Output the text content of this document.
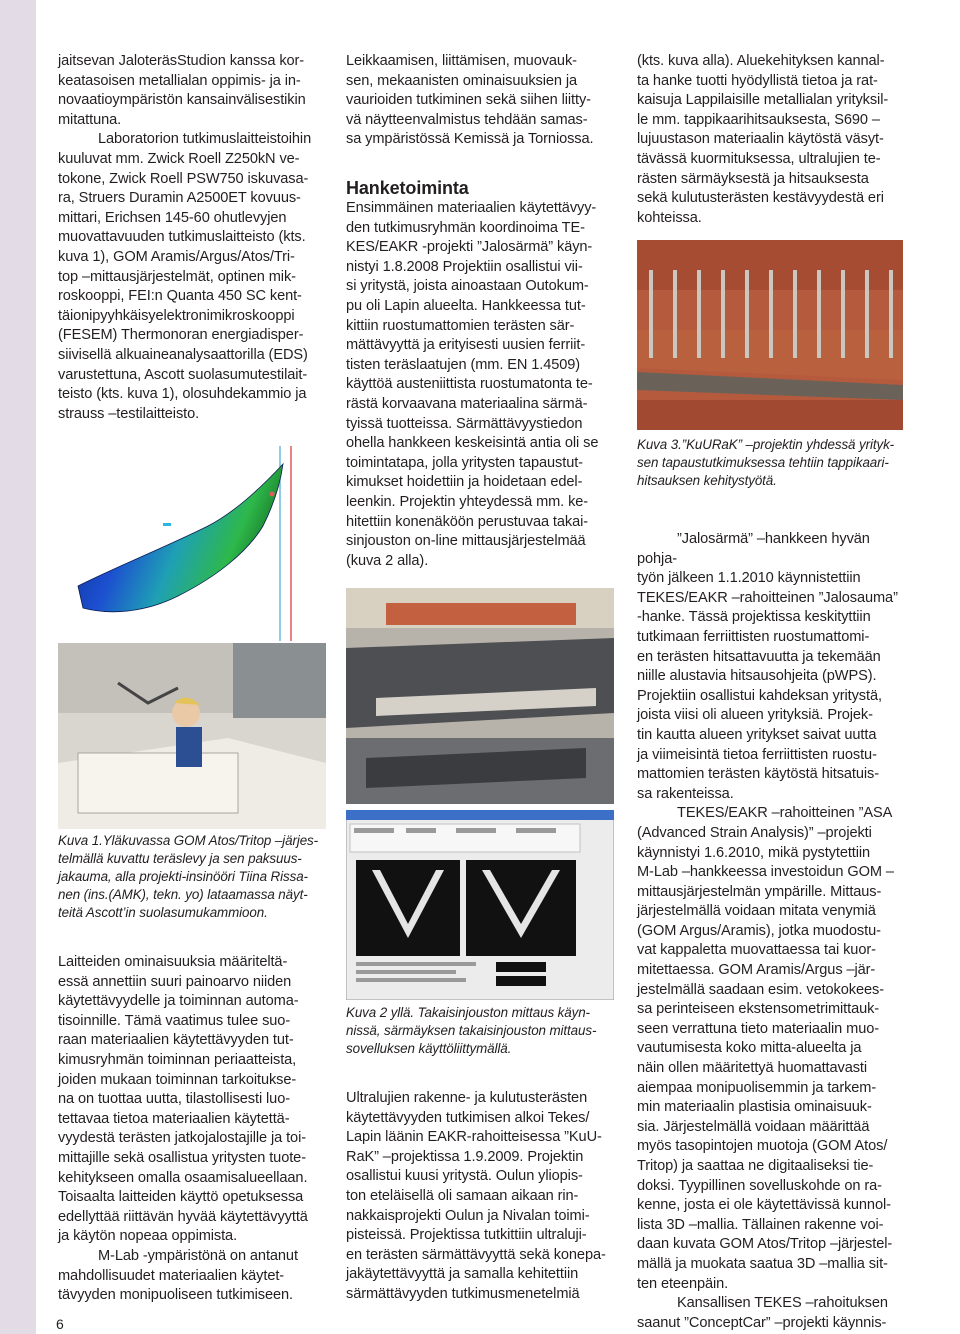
jaitsevan JaloteräsStudion kanssa kor-

keatasoisen metallialan oppimis- ja in-

novaatioympäristön kansainvälisestikin

mitattuna.

Laboratorion tutkimuslaitteistoihin

kuuluvat mm. Zwick Roell Z250kN ve-

tokone, Zwick Roell PSW750 iskuvasa-

ra, Struers Duramin A2500ET kovuus-

mittari, Erichsen 145-60 ohutlevyjen

muovattavuuden tutkimuslaitteisto (kts.

kuva 1), GOM Aramis/Argus/Atos/Tri-

top –mittausjärjestelmät, optinen mik-

roskooppi, FEI:n Quanta 450 SC kent-

täionipyyhkäisyelektronimikroskooppi

(FESEM) Thermonoran energiadisper-

siivisellä alkuaineanalysaattorilla (EDS)

varustettuna, Ascott suolasumutestilait-

teisto (kts. kuva 1), olosuhdekammio ja

strauss –testilaitteisto.

Kuva 1.Yläkuvassa GOM Atos/Tritop –järjes-

telmällä kuvattu teräslevy ja sen paksuus-

jakauma, alla projekti-insinööri Tiina Rissa-

nen (ins.(AMK), tekn. yo) lataamassa näyt-

teitä Ascott’in suolasumukammioon.

Laitteiden ominaisuuksia määriteltä-

essä annettiin suuri painoarvo niiden

käytettävyydelle ja toiminnan automa-

tisoinnille. Tämä vaatimus tulee suo-

raan materiaalien käytettävyyden tut-

kimusryhmän toiminnan periaatteista,

joiden mukaan toiminnan tarkoitukse-

na on tuottaa uutta, tilastollisesti luo-

tettavaa tietoa materiaalien käytettä-

vyydestä terästen jatkojalostajille ja toi-

mittajille sekä osallistua yritysten tuote-

kehitykseen omalla osaamisalueellaan.

Toisaalta laitteiden käyttö opetuksessa

edellyttää riittävän hyvää käytettävyyttä

ja käytön nopeaa oppimista.

M-Lab -ympäristönä on antanut

mahdollisuudet materiaalien käytet-

tävyyden monipuoliseen tutkimiseen.

Leikkaamisen, liittämisen, muovauk-

sen, mekaanisten ominaisuuksien ja

vaurioiden tutkiminen sekä siihen liitty-

vä näytteenvalmistus tehdään samas-

sa ympäristössä Kemissä ja Torniossa.

Hanketoiminta

Ensimmäinen materiaalien käytettävyy-

den tutkimusryhmän koordinoima TE-

KES/EAKR -projekti ”Jalosärmä” käyn-

nistyi 1.8.2008 Projektiin osallistui vii-

si yritystä, joista ainoastaan Outokum-

pu oli Lapin alueelta. Hankkeessa tut-

kittiin ruostumattomien terästen sär-

mättävyyttä ja erityisesti uusien ferriit-

tisten teräslaatujen (mm. EN 1.4509)

käyttöä austeniittista ruostumatonta te-

rästä korvaavana materiaalina särmä-

tyissä tuotteissa. Särmättävyystiedon

ohella hankkeen keskeisintä antia oli se

toimintatapa, jolla yritysten tapaustut-

kimukset hoidettiin ja hoidetaan edel-

leenkin. Projektin yhteydessä mm. ke-

hitettiin konenäköön perustuvaa takai-

sinjouston on-line mittausjärjestelmää

(kuva 2 alla).

Kuva 2 yllä. Takaisinjouston mittaus käyn-

nissä, särmäyksen takaisinjouston mittaus-

sovelluksen käyttöliittymällä.

Ultralujien rakenne- ja kulutusterästen

käytettävyyden tutkimisen alkoi Tekes/

Lapin läänin EAKR-rahoitteisessa ”KuU-

RaK” –projektissa 1.9.2009. Projektin

osallistui kuusi yritystä. Oulun yliopis-

ton eteläisellä oli samaan aikaan rin-

nakkaisprojekti Oulun ja Nivalan toimi-

pisteissä. Projektissa tutkittiin ultraluji-

en terästen särmättävyyttä sekä konepa-

jakäytettävyyttä ja samalla kehitettiin

särmättävyyden tutkimusmenetelmiä

(kts. kuva alla). Aluekehityksen kannal-

ta hanke tuotti hyödyllistä tietoa ja rat-

kaisuja Lappilaisille metallialan yrityksil-

le mm. tappikaarihitsauksesta, S690 –

lujuustason materiaalin käytöstä väsyt-

tävässä kuormituksessa, ultralujien te-

rästen särmäyksestä ja hitsauksesta

sekä kulutusterästen kestävyydestä eri

kohteissa.

Kuva 3.”KuURaK” –projektin yhdessä yrityk-

sen tapaustutkimuksessa tehtiin tappikaari-

hitsauksen kehitystyötä.

”Jalosärmä” –hankkeen hyvän pohja-

työn jälkeen 1.1.2010 käynnistettiin

TEKES/EAKR –rahoitteinen ”Jalosauma”

-hanke. Tässä projektissa keskityttiin

tutkimaan ferriittisten ruostumattomi-

en terästen hitsattavuutta ja tekemään

niille alustavia hitsausohjeita (pWPS).

Projektiin osallistui kahdeksan yritystä,

joista viisi oli alueen yrityksiä. Projek-

tin kautta alueen yritykset saivat uutta

ja viimeisintä tietoa ferriittisten ruostu-

mattomien terästen käytöstä hitsatuis-

sa rakenteissa.

TEKES/EAKR –rahoitteinen ”ASA

(Advanced Strain Analysis)” –projekti

käynnistyi 1.6.2010, mikä pystytettiin

M-Lab –hankkeessa investoidun GOM –

mittausjärjestelmän ympärille. Mittaus-

järjestelmällä voidaan mitata venymiä

(GOM Argus/Aramis), jotka muodostu-

vat kappaletta muovattaessa tai kuor-

mitettaessa. GOM Aramis/Argus –jär-

jestelmällä saadaan esim. vetokokees-

sa perinteiseen ekstensometrimittauk-

seen verrattuna tieto materiaalin muo-

vautumisesta koko mitta-alueelta ja

näin ollen määritettyä huomattavasti

aiempaa monipuolisemmin ja tarkem-

min materiaalin plastisia ominaisuuk-

sia. Järjestelmällä voidaan määrittää

myös tasopintojen muotoja (GOM Atos/

Tritop) ja saattaa ne digitaaliseksi tie-

doksi. Tyypillinen sovelluskohde on ra-

kenne, josta ei ole käytettävissä kunnol-

lista 3D –mallia. Tällainen rakenne voi-

daan kuvata GOM Atos/Tritop –järjestel-

mällä ja muokata saatua 3D –mallia sit-

ten eteenpäin.

Kansallisen TEKES –rahoituksen

saanut ”ConceptCar” –projekti käynnis-

6
